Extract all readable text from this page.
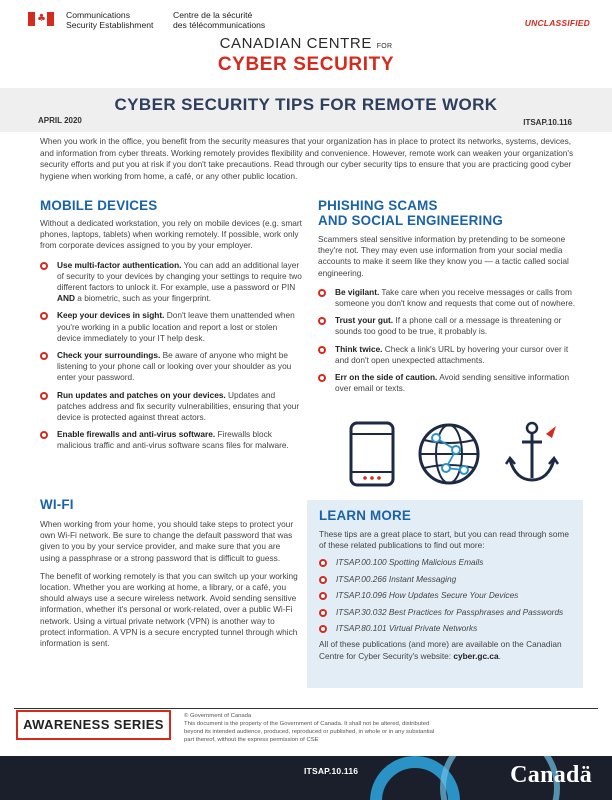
♣ Communications
Security Establishment
Centre de la sécurité
des télécommunications	UNCLASSIFIED
CANADIAN CENTRE FOR
CYBER SECURITY
CYBER SECURITY TIPS FOR REMOTE WORK
APRIL 2020	ITSAP.10.116

When you work in the office, you benefit from the security measures that your organization has in place to protect its networks, systems, devices, and information from cyber threats. Working remotely provides flexibility and convenience. However, remote work can weaken your organization's security efforts and put you at risk if you don't take precautions. Read through our cyber security tips to ensure that you are practicing good cyber hygiene when working from home, a café, or any other public location.

MOBILE DEVICES

Without a dedicated workstation, you rely on mobile devices (e.g. smart phones, laptops, tablets) when working remotely. If possible, work only from corporate devices assigned to you by your employer.

Use multi-factor authentication. You can add an additional layer of security to your devices by changing your settings to require two different factors to unlock it. For example, use a password or PIN AND a biometric, such as your fingerprint.
Keep your devices in sight. Don't leave them unattended when you're working in a public location and report a lost or stolen device immediately to your IT help desk.
Check your surroundings. Be aware of anyone who might be listening to your phone call or looking over your shoulder as you enter your password.
Run updates and patches on your devices. Updates and patches address and fix security vulnerabilities, ensuring that your device is protected against threat actors.
Enable firewalls and anti-virus software. Firewalls block malicious traffic and anti-virus software scans files for malware.
PHISHING SCAMS
AND SOCIAL ENGINEERING

Scammers steal sensitive information by pretending to be someone they're not. They may even use information from your social media accounts to make it seem like they know you — a tactic called social engineering.

Be vigilant. Take care when you receive messages or calls from someone you don't know and requests that come out of nowhere.
Trust your gut. If a phone call or a message is threatening or sounds too good to be true, it probably is.
Think twice. Check a link's URL by hovering your cursor over it and don't open unexpected attachments.
Err on the side of caution. Avoid sending sensitive information over email or texts.
WI-FI

When working from your home, you should take steps to protect your own Wi-Fi network. Be sure to change the default password that was given to you by your service provider, and make sure that you are using a passphrase or a strong password that is difficult to guess.

The benefit of working remotely is that you can switch up your working location. Whether you are working at home, a library, or a café, you should always use a secure wireless network. Avoid sending sensitive information, whether it's personal or work-related, over a public Wi-Fi network. Using a virtual private network (VPN) is another way to protect information. A VPN is a secure encrypted tunnel through which information is sent.

LEARN MORE

These tips are a great place to start, but you can read through some of these related publications to find out more:

ITSAP.00.100 Spotting Malicious Emails
ITSAP.00.266 Instant Messaging
ITSAP.10.096 How Updates Secure Your Devices
ITSAP.30.032 Best Practices for Passphrases and Passwords
ITSAP.80.101 Virtual Private Networks

All of these publications (and more) are available on the Canadian Centre for Cyber Security's website: cyber.gc.ca.

AWARENESS SERIES
© Government of Canada
This document is the property of the Government of Canada. It shall not be altered, distributed beyond its intended audience, produced, reproduced or published, in whole or in any substantial part thereof, without the express permission of CSE
ITSAP.10.116	Canadä
